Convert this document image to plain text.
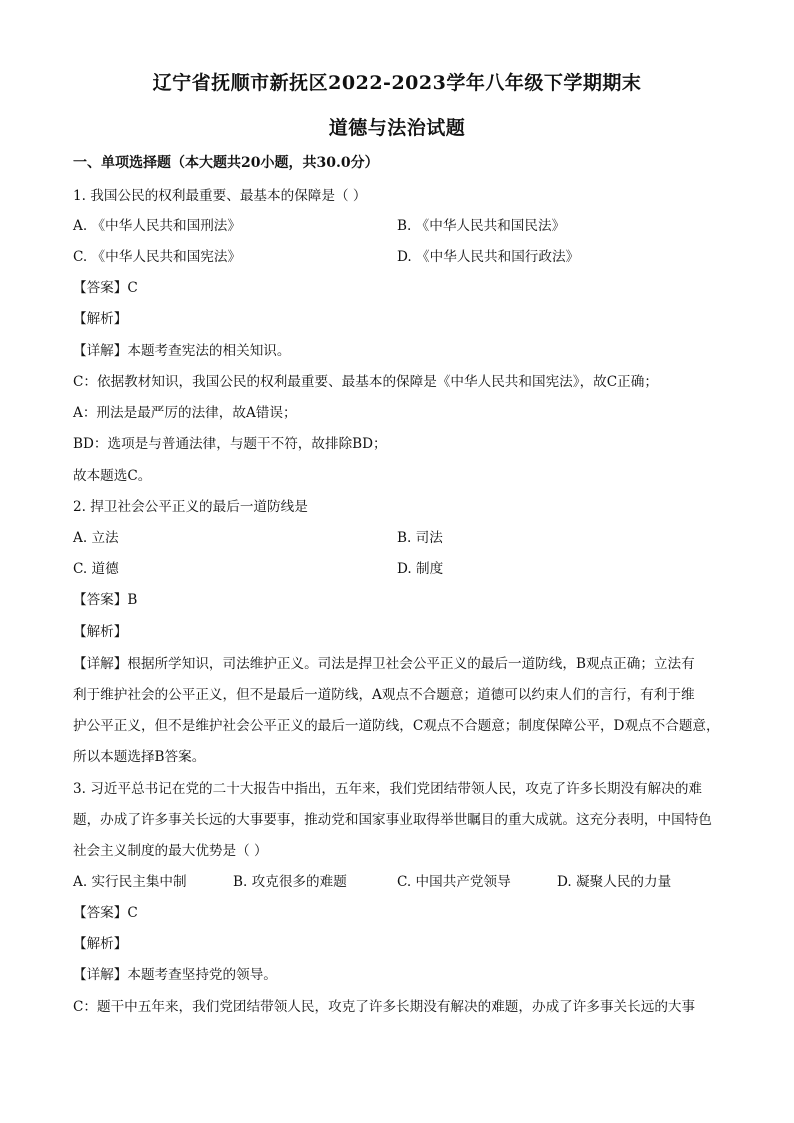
辽宁省抚顺市新抚区2022-2023学年八年级下学期期末
道德与法治试题
一、单项选择题（本大题共20小题，共30.0分）
1. 我国公民的权利最重要、最基本的保障是（ ）
A. 《中华人民共和国刑法》	B. 《中华人民共和国民法》
C. 《中华人民共和国宪法》	D. 《中华人民共和国行政法》
【答案】C
【解析】
【详解】本题考查宪法的相关知识。
C：依据教材知识，我国公民的权利最重要、最基本的保障是《中华人民共和国宪法》，故C正确；
A：刑法是最严厉的法律，故A错误；
BD：选项是与普通法律，与题干不符，故排除BD；
故本题选C。
2. 捍卫社会公平正义的最后一道防线是
A. 立法	B. 司法
C. 道德	D. 制度
【答案】B
【解析】
【详解】根据所学知识，司法维护正义。司法是捍卫社会公平正义的最后一道防线，B观点正确；立法有
利于维护社会的公平正义，但不是最后一道防线，A观点不合题意；道德可以约束人们的言行，有利于维
护公平正义，但不是维护社会公平正义的最后一道防线，C观点不合题意；制度保障公平，D观点不合题意，
所以本题选择B答案。
3. 习近平总书记在党的二十大报告中指出，五年来，我们党团结带领人民，攻克了许多长期没有解决的难
题，办成了许多事关长远的大事要事，推动党和国家事业取得举世瞩目的重大成就。这充分表明，中国特色
社会主义制度的最大优势是（ ）
A. 实行民主集中制	B. 攻克很多的难题	C. 中国共产党领导	D. 凝聚人民的力量
【答案】C
【解析】
【详解】本题考查坚持党的领导。
C：题干中五年来，我们党团结带领人民，攻克了许多长期没有解决的难题，办成了许多事关长远的大事
